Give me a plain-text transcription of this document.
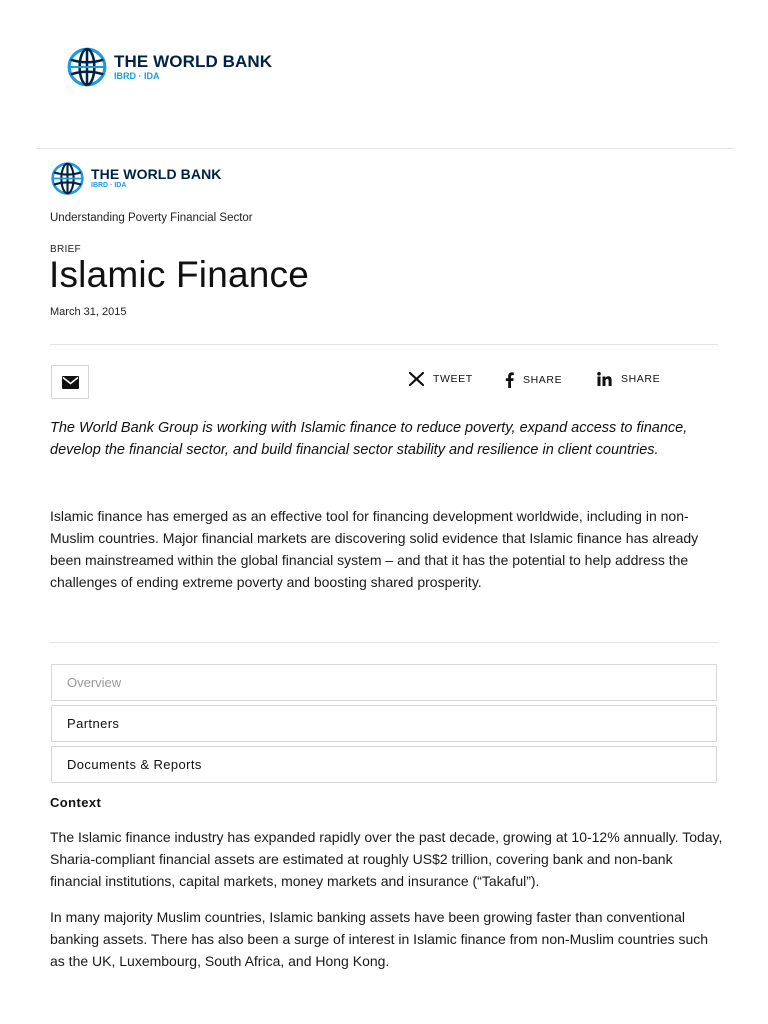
THE WORLD BANK
IBRD · IDA
THE WORLD BANK
IBRD · IDA
Understanding Poverty Financial Sector
BRIEF
Islamic Finance
March 31, 2015
TWEET	SHARE	SHARE

The World Bank Group is working with Islamic finance to reduce poverty, expand access to finance, develop the financial sector, and build financial sector stability and resilience in client countries.

Islamic finance has emerged as an effective tool for financing development worldwide, including in non-Muslim countries. Major financial markets are discovering solid evidence that Islamic finance has already been mainstreamed within the global financial system – and that it has the potential to help address the challenges of ending extreme poverty and boosting shared prosperity.

Overview
Partners
Documents & Reports
Context

The Islamic finance industry has expanded rapidly over the past decade, growing at 10-12% annually. Today, Sharia-compliant financial assets are estimated at roughly US$2 trillion, covering bank and non-bank financial institutions, capital markets, money markets and insurance (“Takaful”).

In many majority Muslim countries, Islamic banking assets have been growing faster than conventional banking assets. There has also been a surge of interest in Islamic finance from non-Muslim countries such as the UK, Luxembourg, South Africa, and Hong Kong.
